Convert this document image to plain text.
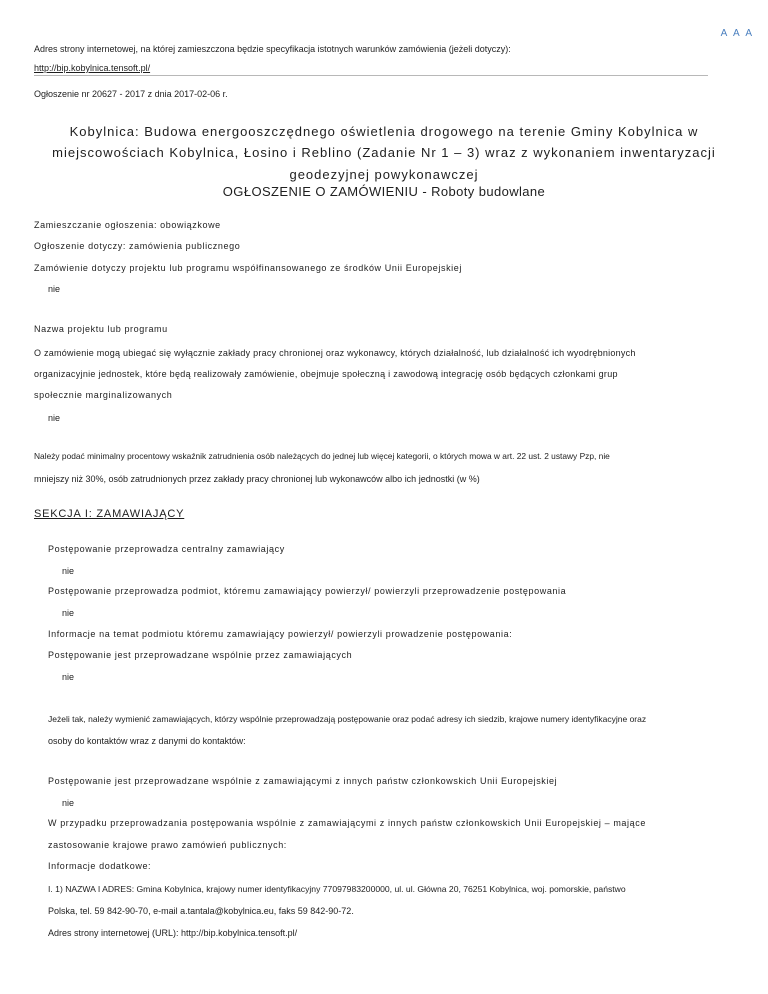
A A A
Adres strony internetowej, na której zamieszczona będzie specyfikacja istotnych warunków zamówienia (jeżeli dotyczy):
http://bip.kobylnica.tensoft.pl/
Ogłoszenie nr 20627 - 2017 z dnia 2017-02-06 r.
Kobylnica: Budowa energooszczędnego oświetlenia drogowego na terenie Gminy Kobylnica w
miejscowościach Kobylnica, Łosino i Reblino (Zadanie Nr 1 – 3) wraz z wykonaniem inwentaryzacji
geodezyjnej powykonawczej
OGŁOSZENIE O ZAMÓWIENIU - Roboty budowlane
Zamieszczanie ogłoszenia: obowiązkowe
Ogłoszenie dotyczy: zamówienia publicznego
Zamówienie dotyczy projektu lub programu współfinansowanego ze środków Unii Europejskiej
nie
Nazwa projektu lub programu
O zamówienie mogą ubiegać się wyłącznie zakłady pracy chronionej oraz wykonawcy, których działalność, lub działalność ich wyodrębnionych
organizacyjnie jednostek, które będą realizowały zamówienie, obejmuje społeczną i zawodową integrację osób będących członkami grup
społecznie marginalizowanych
nie
Należy podać minimalny procentowy wskaźnik zatrudnienia osób należących do jednej lub więcej kategorii, o których mowa w art. 22 ust. 2 ustawy Pzp, nie
mniejszy niż 30%, osób zatrudnionych przez zakłady pracy chronionej lub wykonawców albo ich jednostki (w %)
SEKCJA I: ZAMAWIAJĄCY
Postępowanie przeprowadza centralny zamawiający
nie
Postępowanie przeprowadza podmiot, któremu zamawiający powierzył/ powierzyli przeprowadzenie postępowania
nie
Informacje na temat podmiotu któremu zamawiający powierzył/ powierzyli prowadzenie postępowania:
Postępowanie jest przeprowadzane wspólnie przez zamawiających
nie
Jeżeli tak, należy wymienić zamawiających, którzy wspólnie przeprowadzają postępowanie oraz podać adresy ich siedzib, krajowe numery identyfikacyjne oraz
osoby do kontaktów wraz z danymi do kontaktów:
Postępowanie jest przeprowadzane wspólnie z zamawiającymi z innych państw członkowskich Unii Europejskiej
nie
W przypadku przeprowadzania postępowania wspólnie z zamawiającymi z innych państw członkowskich Unii Europejskiej – mające
zastosowanie krajowe prawo zamówień publicznych:
Informacje dodatkowe:
I. 1) NAZWA I ADRES: Gmina Kobylnica, krajowy numer identyfikacyjny 77097983200000, ul. ul. Główna 20, 76251 Kobylnica, woj. pomorskie, państwo
Polska, tel. 59 842-90-70, e-mail a.tantala@kobylnica.eu, faks 59 842-90-72.
Adres strony internetowej (URL): http://bip.kobylnica.tensoft.pl/
